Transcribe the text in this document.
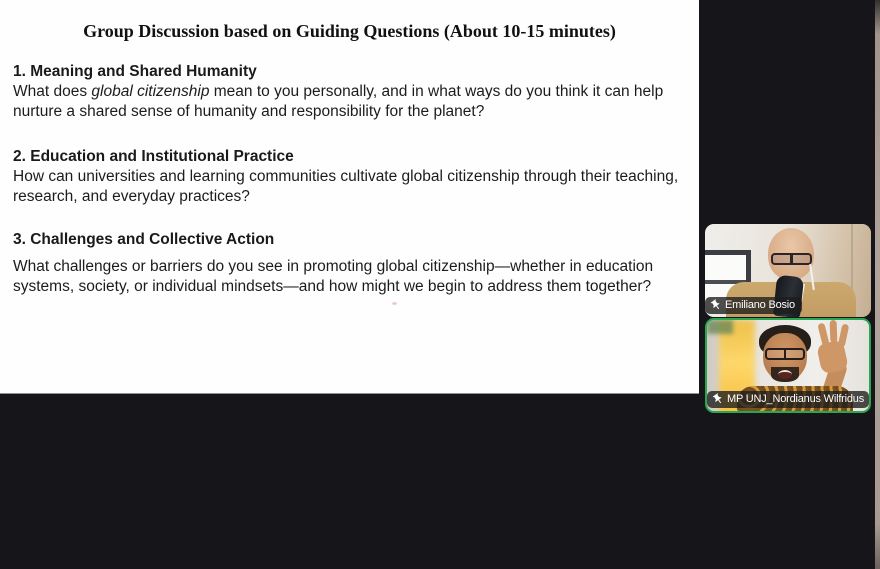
Group Discussion based on Guiding Questions (About 10-15 minutes)
1. Meaning and Shared Humanity

What does global citizenship mean to you personally, and in what ways do you think it can help nurture a shared sense of humanity and responsibility for the planet?

2. Education and Institutional Practice

How can universities and learning communities cultivate global citizenship through their teaching, research, and everyday practices?

3. Challenges and Collective Action

What challenges or barriers do you see in promoting global citizenship—whether in education systems, society, or individual mindsets—and how might we begin to address them together?

Emiliano Bosio
MP UNJ_Nordianus Wilfridus
